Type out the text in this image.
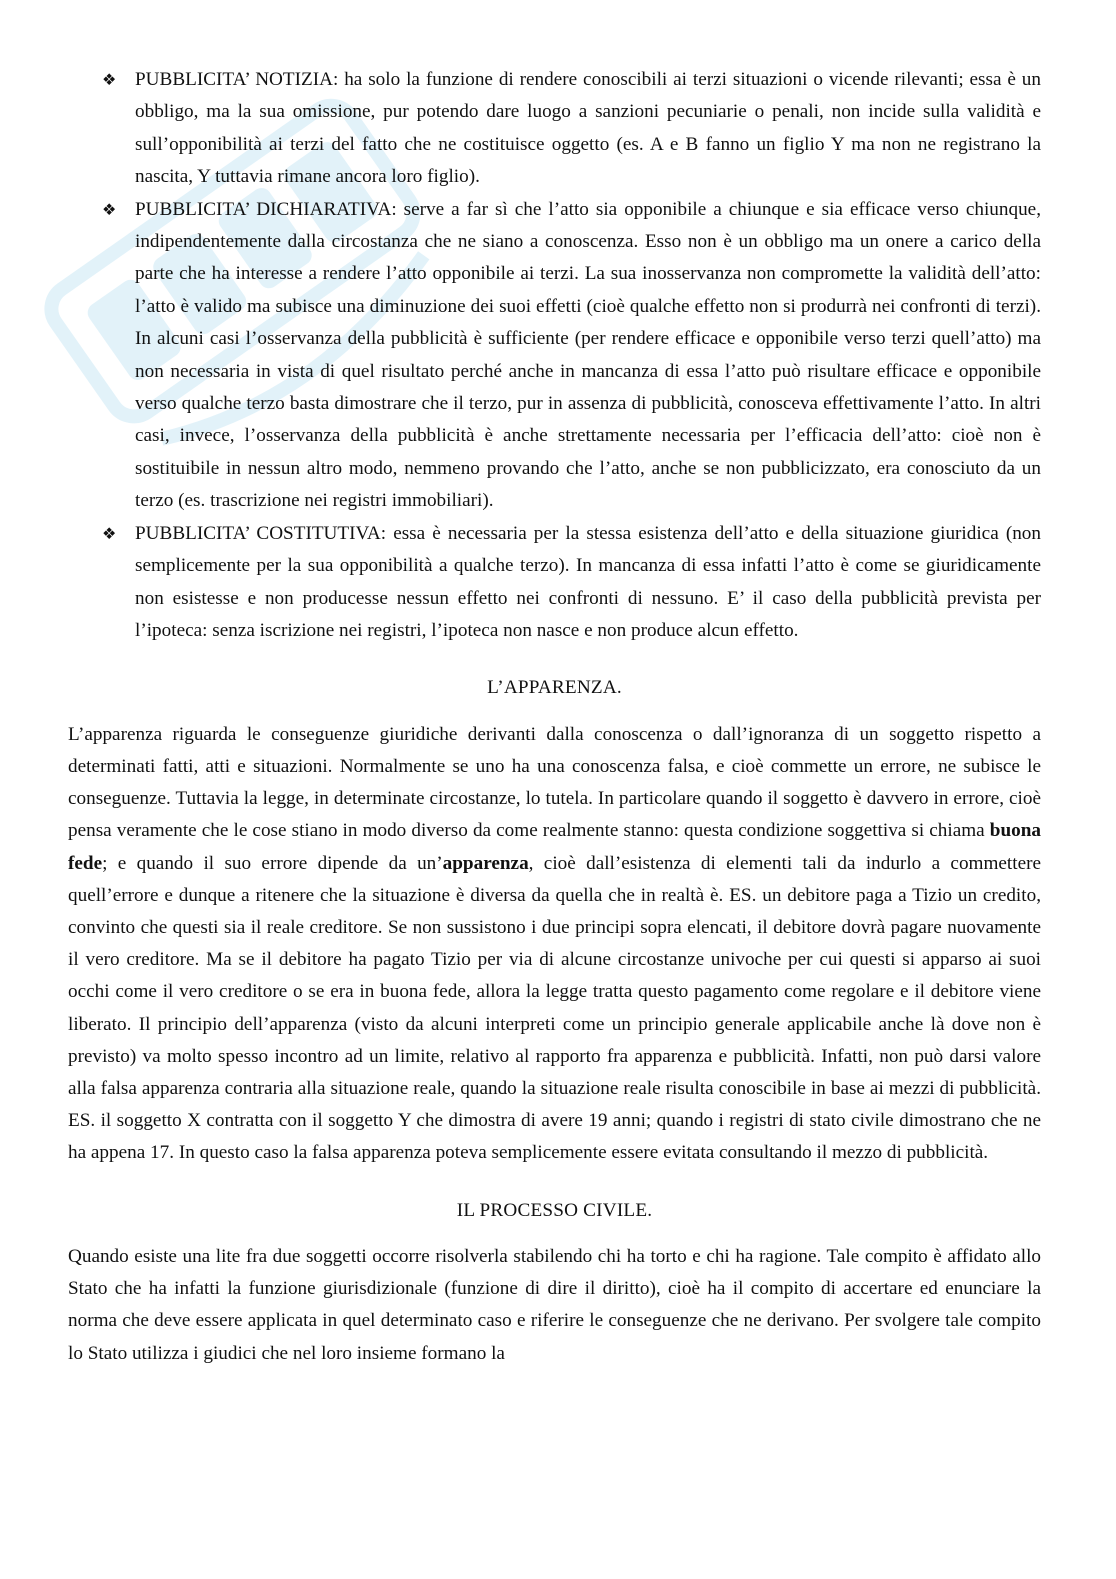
❖ PUBBLICITA’ NOTIZIA: ha solo la funzione di rendere conoscibili ai terzi situazioni o vicende rilevanti; essa è un obbligo, ma la sua omissione, pur potendo dare luogo a sanzioni pecuniarie o penali, non incide sulla validità e sull’opponibilità ai terzi del fatto che ne costituisce oggetto (es. A e B fanno un figlio Y ma non ne registrano la nascita, Y tuttavia rimane ancora loro figlio).
❖ PUBBLICITA’ DICHIARATIVA: serve a far sì che l’atto sia opponibile a chiunque e sia efficace verso chiunque, indipendentemente dalla circostanza che ne siano a conoscenza. Esso non è un obbligo ma un onere a carico della parte che ha interesse a rendere l’atto opponibile ai terzi. La sua inosservanza non compromette la validità dell’atto: l’atto è valido ma subisce una diminuzione dei suoi effetti (cioè qualche effetto non si produrrà nei confronti di terzi). In alcuni casi l’osservanza della pubblicità è sufficiente (per rendere efficace e opponibile verso terzi quell’atto) ma non necessaria in vista di quel risultato perché anche in mancanza di essa l’atto può risultare efficace e opponibile verso qualche terzo basta dimostrare che il terzo, pur in assenza di pubblicità, conosceva effettivamente l’atto. In altri casi, invece, l’osservanza della pubblicità è anche strettamente necessaria per l’efficacia dell’atto: cioè non è sostituibile in nessun altro modo, nemmeno provando che l’atto, anche se non pubblicizzato, era conosciuto da un terzo (es. trascrizione nei registri immobiliari).
❖ PUBBLICITA’ COSTITUTIVA: essa è necessaria per la stessa esistenza dell’atto e della situazione giuridica (non semplicemente per la sua opponibilità a qualche terzo). In mancanza di essa infatti l’atto è come se giuridicamente non esistesse e non producesse nessun effetto nei confronti di nessuno. E’ il caso della pubblicità prevista per l’ipoteca: senza iscrizione nei registri, l’ipoteca non nasce e non produce alcun effetto.
L’APPARENZA.

L’apparenza riguarda le conseguenze giuridiche derivanti dalla conoscenza o dall’ignoranza di un soggetto rispetto a determinati fatti, atti e situazioni. Normalmente se uno ha una conoscenza falsa, e cioè commette un errore, ne subisce le conseguenze. Tuttavia la legge, in determinate circostanze, lo tutela. In particolare quando il soggetto è davvero in errore, cioè pensa veramente che le cose stiano in modo diverso da come realmente stanno: questa condizione soggettiva si chiama buona fede; e quando il suo errore dipende da un’apparenza, cioè dall’esistenza di elementi tali da indurlo a commettere quell’errore e dunque a ritenere che la situazione è diversa da quella che in realtà è. ES. un debitore paga a Tizio un credito, convinto che questi sia il reale creditore. Se non sussistono i due principi sopra elencati, il debitore dovrà pagare nuovamente il vero creditore. Ma se il debitore ha pagato Tizio per via di alcune circostanze univoche per cui questi si apparso ai suoi occhi come il vero creditore o se era in buona fede, allora la legge tratta questo pagamento come regolare e il debitore viene liberato. Il principio dell’apparenza (visto da alcuni interpreti come un principio generale applicabile anche là dove non è previsto) va molto spesso incontro ad un limite, relativo al rapporto fra apparenza e pubblicità. Infatti, non può darsi valore alla falsa apparenza contraria alla situazione reale, quando la situazione reale risulta conoscibile in base ai mezzi di pubblicità. ES. il soggetto X contratta con il soggetto Y che dimostra di avere 19 anni; quando i registri di stato civile dimostrano che ne ha appena 17. In questo caso la falsa apparenza poteva semplicemente essere evitata consultando il mezzo di pubblicità.

IL PROCESSO CIVILE.

Quando esiste una lite fra due soggetti occorre risolverla stabilendo chi ha torto e chi ha ragione. Tale compito è affidato allo Stato che ha infatti la funzione giurisdizionale (funzione di dire il diritto), cioè ha il compito di accertare ed enunciare la norma che deve essere applicata in quel determinato caso e riferire le conseguenze che ne derivano. Per svolgere tale compito lo Stato utilizza i giudici che nel loro insieme formano la
